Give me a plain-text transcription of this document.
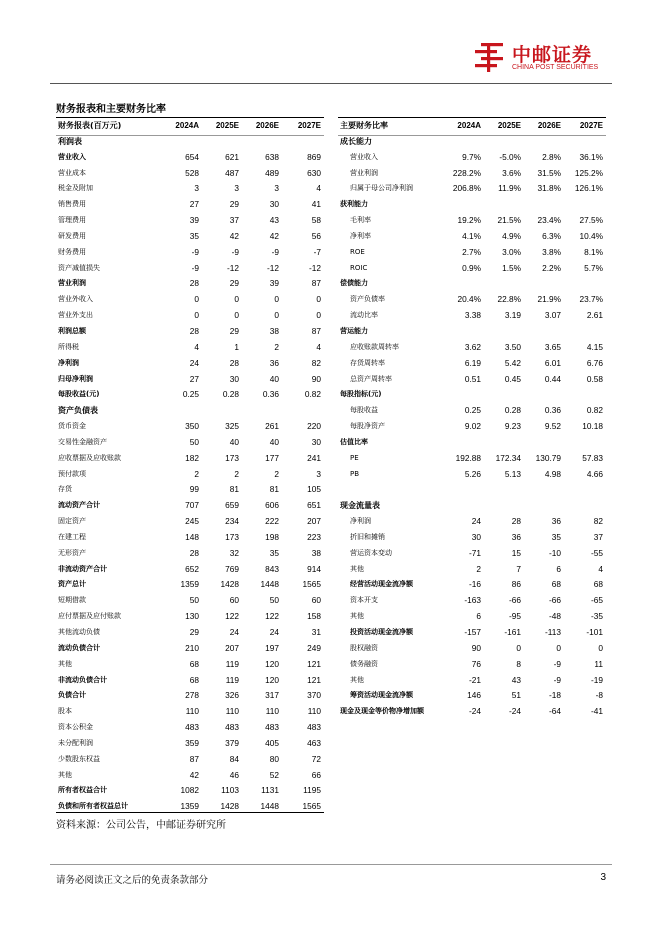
中邮证券
CHINA POST SECURITIES
财务报表和主要财务比率
财务报表(百万元)	2024A	2025E	2026E	2027E
利润表				
营业收入	654	621	638	869
营业成本	528	487	489	630
税金及附加	3	3	3	4
销售费用	27	29	30	41
管理费用	39	37	43	58
研发费用	35	42	42	56
财务费用	-9	-9	-9	-7
资产减值损失	-9	-12	-12	-12
营业利润	28	29	39	87
营业外收入	0	0	0	0
营业外支出	0	0	0	0
利润总额	28	29	38	87
所得税	4	1	2	4
净利润	24	28	36	82
归母净利润	27	30	40	90
每股收益(元)	0.25	0.28	0.36	0.82
资产负债表				
货币资金	350	325	261	220
交易性金融资产	50	40	40	30
应收票据及应收账款	182	173	177	241
预付款项	2	2	2	3
存货	99	81	81	105
流动资产合计	707	659	606	651
固定资产	245	234	222	207
在建工程	148	173	198	223
无形资产	28	32	35	38
非流动资产合计	652	769	843	914
资产总计	1359	1428	1448	1565
短期借款	50	60	50	60
应付票据及应付账款	130	122	122	158
其他流动负债	29	24	24	31
流动负债合计	210	207	197	249
其他	68	119	120	121
非流动负债合计	68	119	120	121
负债合计	278	326	317	370
股本	110	110	110	110
资本公积金	483	483	483	483
未分配利润	359	379	405	463
少数股东权益	87	84	80	72
其他	42	46	52	66
所有者权益合计	1082	1103	1131	1195
负债和所有者权益总计	1359	1428	1448	1565
主要财务比率	2024A	2025E	2026E	2027E
成长能力				
营业收入	9.7%	-5.0%	2.8%	36.1%
营业利润	228.2%	3.6%	31.5%	125.2%
归属于母公司净利润	206.8%	11.9%	31.8%	126.1%
获利能力				
毛利率	19.2%	21.5%	23.4%	27.5%
净利率	4.1%	4.9%	6.3%	10.4%
ROE	2.7%	3.0%	3.8%	8.1%
ROIC	0.9%	1.5%	2.2%	5.7%
偿债能力				
资产负债率	20.4%	22.8%	21.9%	23.7%
流动比率	3.38	3.19	3.07	2.61
营运能力				
应收账款周转率	3.62	3.50	3.65	4.15
存货周转率	6.19	5.42	6.01	6.76
总资产周转率	0.51	0.45	0.44	0.58
每股指标(元)				
每股收益	0.25	0.28	0.36	0.82
每股净资产	9.02	9.23	9.52	10.18
估值比率				
PE	192.88	172.34	130.79	57.83
PB	5.26	5.13	4.98	4.66

现金流量表				
净利润	24	28	36	82
折旧和摊销	30	36	35	37
营运资本变动	-71	15	-10	-55
其他	2	7	6	4
经营活动现金流净额	-16	86	68	68
资本开支	-163	-66	-66	-65
其他	6	-95	-48	-35
投资活动现金流净额	-157	-161	-113	-101
股权融资	90	0	0	0
债务融资	76	8	-9	11
其他	-21	43	-9	-19
筹资活动现金流净额	146	51	-18	-8
现金及现金等价物净增加额	-24	-24	-64	-41
资料来源：公司公告，中邮证券研究所
请务必阅读正文之后的免责条款部分	3
